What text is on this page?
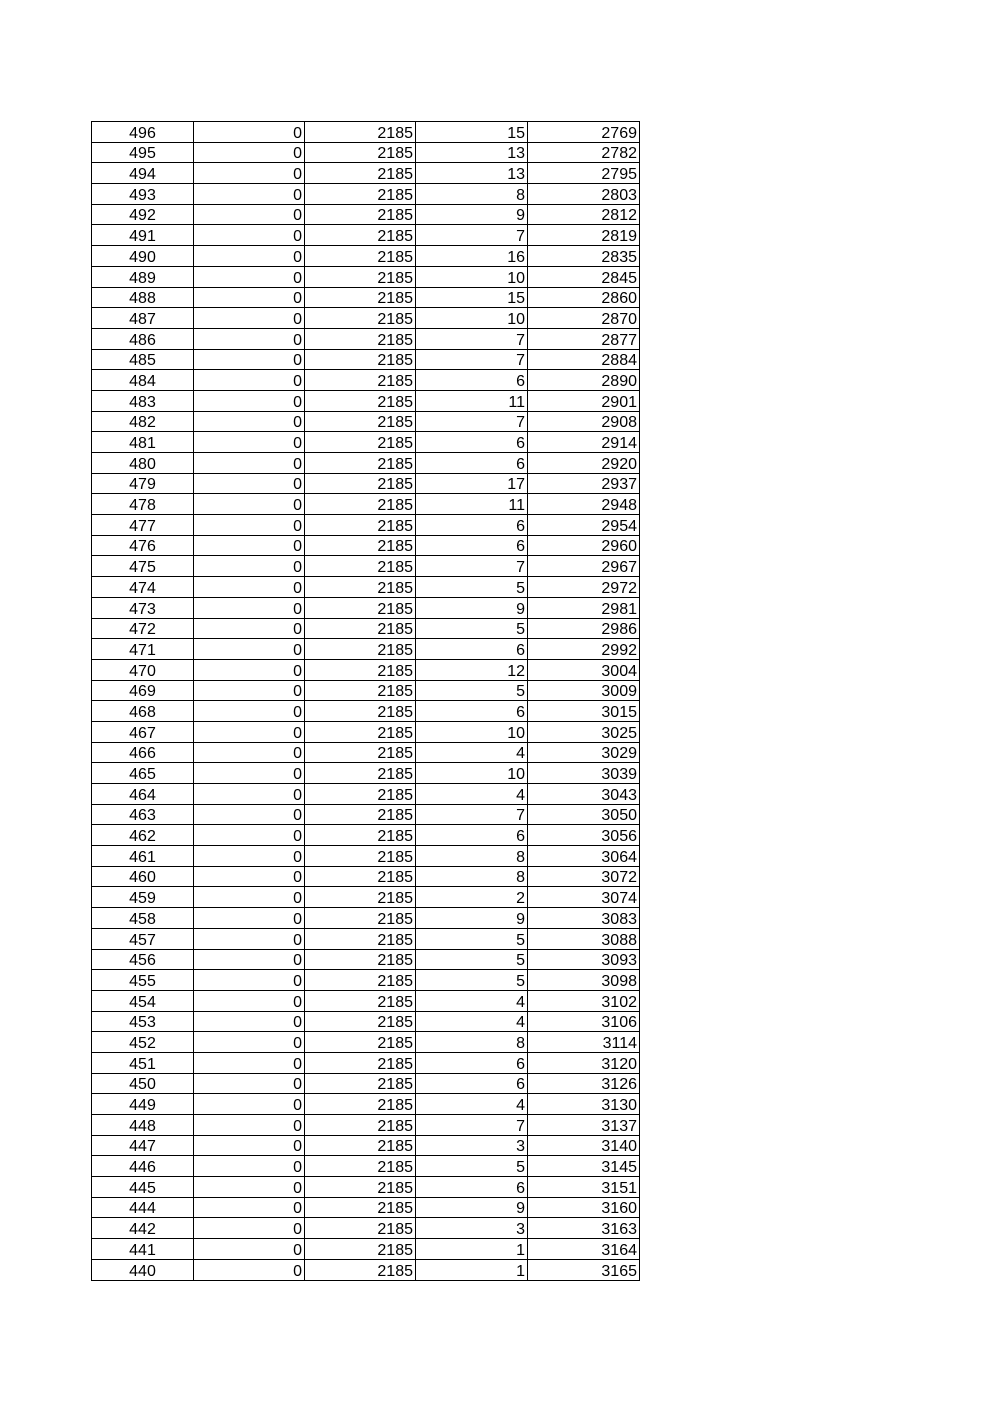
496	0	2185	15	2769
495	0	2185	13	2782
494	0	2185	13	2795
493	0	2185	8	2803
492	0	2185	9	2812
491	0	2185	7	2819
490	0	2185	16	2835
489	0	2185	10	2845
488	0	2185	15	2860
487	0	2185	10	2870
486	0	2185	7	2877
485	0	2185	7	2884
484	0	2185	6	2890
483	0	2185	11	2901
482	0	2185	7	2908
481	0	2185	6	2914
480	0	2185	6	2920
479	0	2185	17	2937
478	0	2185	11	2948
477	0	2185	6	2954
476	0	2185	6	2960
475	0	2185	7	2967
474	0	2185	5	2972
473	0	2185	9	2981
472	0	2185	5	2986
471	0	2185	6	2992
470	0	2185	12	3004
469	0	2185	5	3009
468	0	2185	6	3015
467	0	2185	10	3025
466	0	2185	4	3029
465	0	2185	10	3039
464	0	2185	4	3043
463	0	2185	7	3050
462	0	2185	6	3056
461	0	2185	8	3064
460	0	2185	8	3072
459	0	2185	2	3074
458	0	2185	9	3083
457	0	2185	5	3088
456	0	2185	5	3093
455	0	2185	5	3098
454	0	2185	4	3102
453	0	2185	4	3106
452	0	2185	8	3114
451	0	2185	6	3120
450	0	2185	6	3126
449	0	2185	4	3130
448	0	2185	7	3137
447	0	2185	3	3140
446	0	2185	5	3145
445	0	2185	6	3151
444	0	2185	9	3160
442	0	2185	3	3163
441	0	2185	1	3164
440	0	2185	1	3165
